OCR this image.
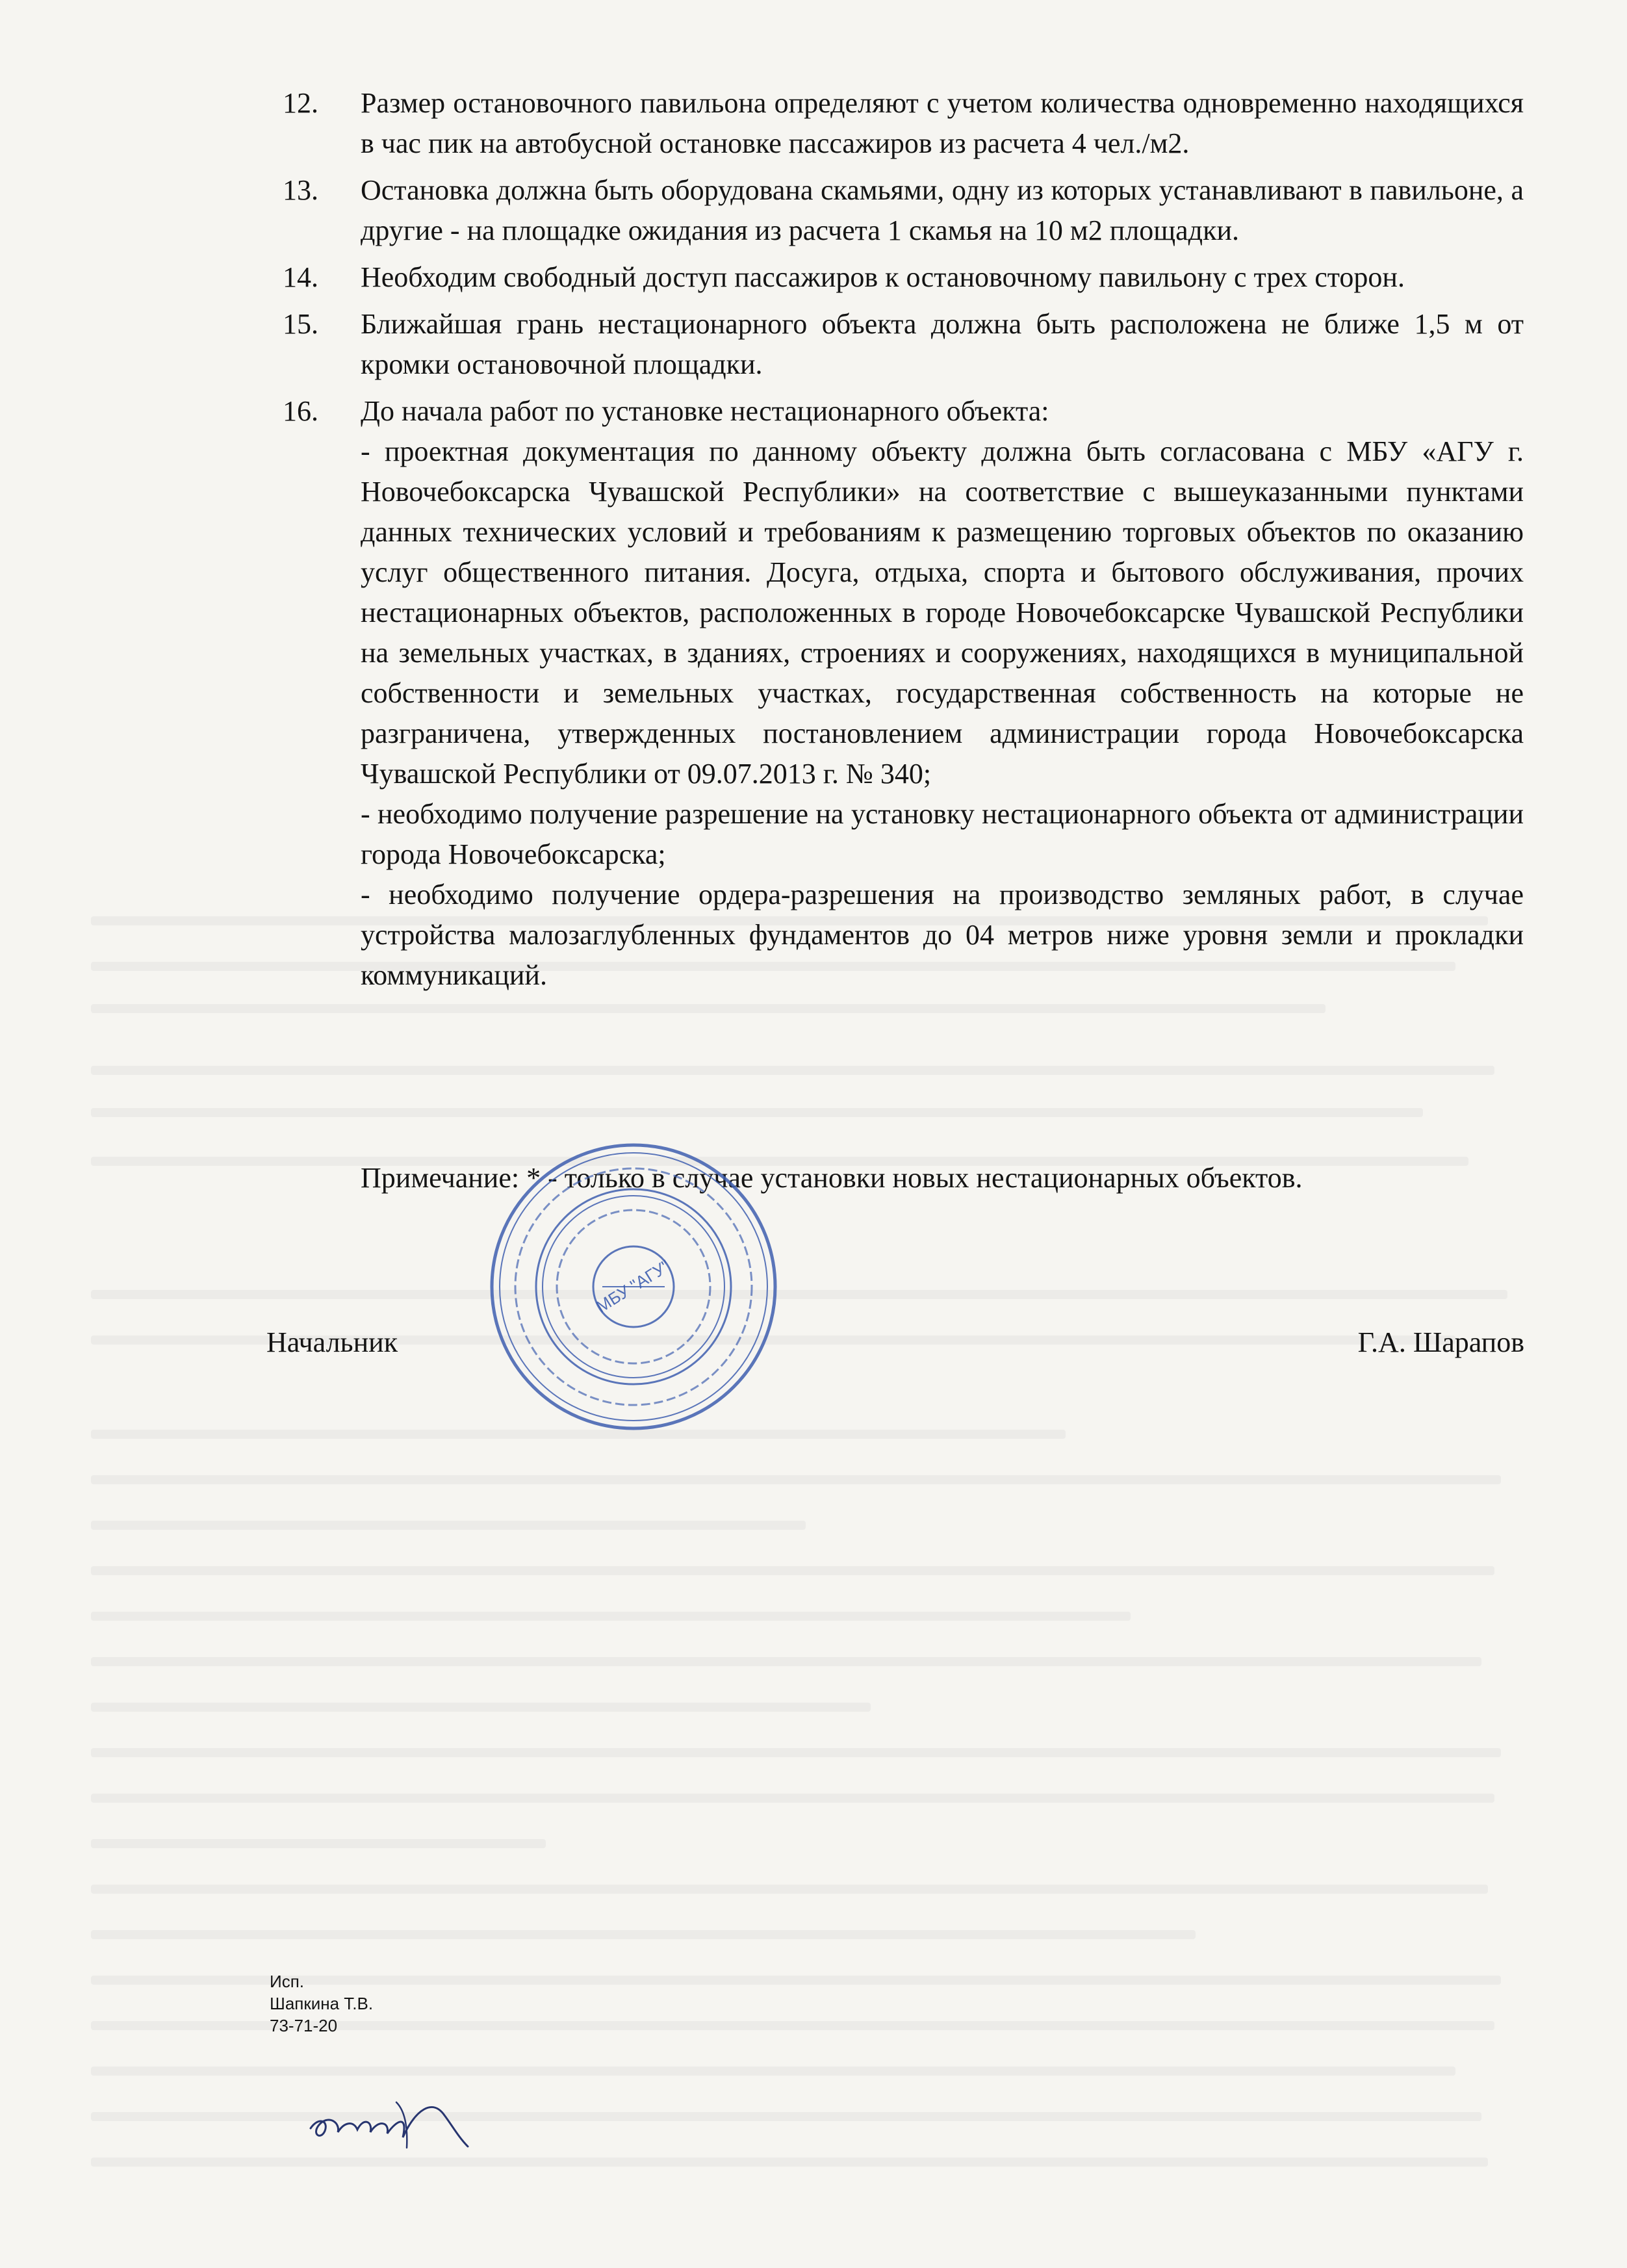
12.	Размер остановочного павильона определяют с учетом количества одновременно находящихся в час пик на автобусной остановке пассажиров из расчета 4 чел./м2.
13.	Остановка должна быть оборудована скамьями, одну из которых устанавливают в павильоне, а другие - на площадке ожидания из расчета 1 скамья на 10 м2 площадки.
14.	Необходим свободный доступ пассажиров к остановочному павильону с трех сторон.
15.	Ближайшая грань нестационарного объекта должна быть расположена не ближе 1,5 м от кромки остановочной площадки.
16.	До начала работ по установке нестационарного объекта:
- проектная документация по данному объекту должна быть согласована с МБУ «АГУ г. Новочебоксарска Чувашской Республики» на соответствие с вышеуказанными пунктами данных технических условий и требованиям к размещению торговых объектов по оказанию услуг общественного питания. Досуга, отдыха, спорта и бытового обслуживания, прочих нестационарных объектов, расположенных в городе Новочебоксарске Чувашской Республики на земельных участках, в зданиях, строениях и сооружениях, находящихся в муниципальной собственности и земельных участках, государственная собственность на которые не разграничена, утвержденных постановлением администрации города Новочебоксарска Чувашской Республики от 09.07.2013 г. № 340;
- необходимо получение разрешение на установку нестационарного объекта от администрации города Новочебоксарска;
- необходимо получение ордера-разрешения на производство земляных работ, в случае устройства малозаглубленных фундаментов до 04 метров ниже уровня земли и прокладки коммуникаций.
Примечание: * - только в случае установки новых нестационарных объектов.
Начальник	Г.А. Шарапов
МБУ "АГУ"
Исп.
Шапкина Т.В.
73-71-20
